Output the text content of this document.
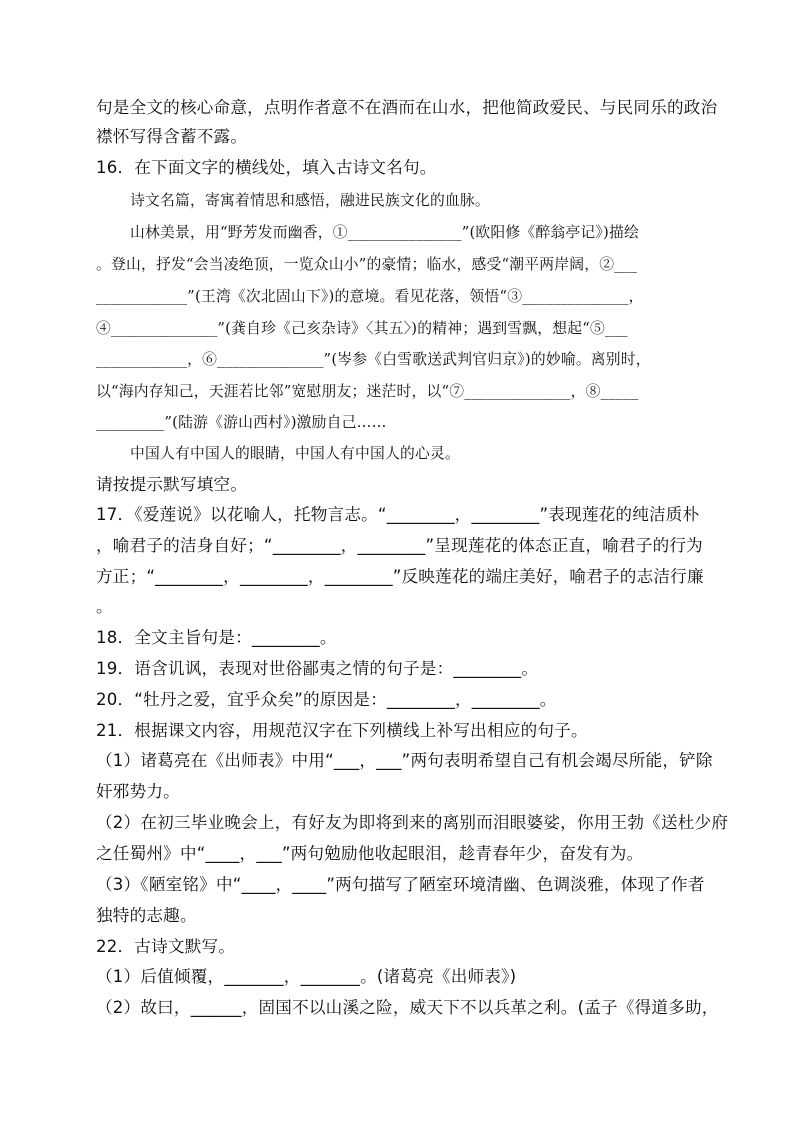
句是全文的核心命意，点明作者意不在酒而在山水，把他简政爱民、与民同乐的政治
襟怀写得含蓄不露。
16．在下面文字的横线处，填入古诗文名句。
诗文名篇，寄寓着情思和感悟，融进民族文化的血脉。
山林美景，用“野芳发而幽香，①_______________”(欧阳修《醉翁亭记》)描绘
。登山，抒发“会当凌绝顶，一览众山小”的豪情；临水，感受“潮平两岸阔，②___
____________”(王湾《次北固山下》)的意境。看见花落，领悟“③______________，
④______________”(龚自珍《己亥杂诗》〈其五〉)的精神；遇到雪飘，想起“⑤___
____________，⑥______________”(岑参《白雪歌送武判官归京》)的妙喻。离别时，
以“海内存知己，天涯若比邻”宽慰朋友；迷茫时，以“⑦______________，⑧_____
_________”(陆游《游山西村》)激励自己……
中国人有中国人的眼睛，中国人有中国人的心灵。
请按提示默写填空。
17．《爱莲说》以花喻人，托物言志。“________，________”表现莲花的纯洁质朴
，喻君子的洁身自好；“________，________”呈现莲花的体态正直，喻君子的行为
方正；“________，________，________”反映莲花的端庄美好，喻君子的志洁行廉
。
18．全文主旨句是：________。
19．语含讥讽，表现对世俗鄙夷之情的句子是：________。
20．“牡丹之爱，宜乎众矣”的原因是：________，________。
21．根据课文内容，用规范汉字在下列横线上补写出相应的句子。
（1）诸葛亮在《出师表》中用“___，___”两句表明希望自己有机会竭尽所能，铲除
奸邪势力。
（2）在初三毕业晚会上，有好友为即将到来的离别而泪眼婆娑，你用王勃《送杜少府
之任蜀州》中“____，___”两句勉励他收起眼泪，趁青春年少，奋发有为。
（3）《陋室铭》中“____，____”两句描写了陋室环境清幽、色调淡雅，体现了作者
独特的志趣。
22．古诗文默写。
（1）后值倾覆，_______，_______。(诸葛亮《出师表》)
（2）故曰，______，固国不以山溪之险，威天下不以兵革之利。(孟子《得道多助，
